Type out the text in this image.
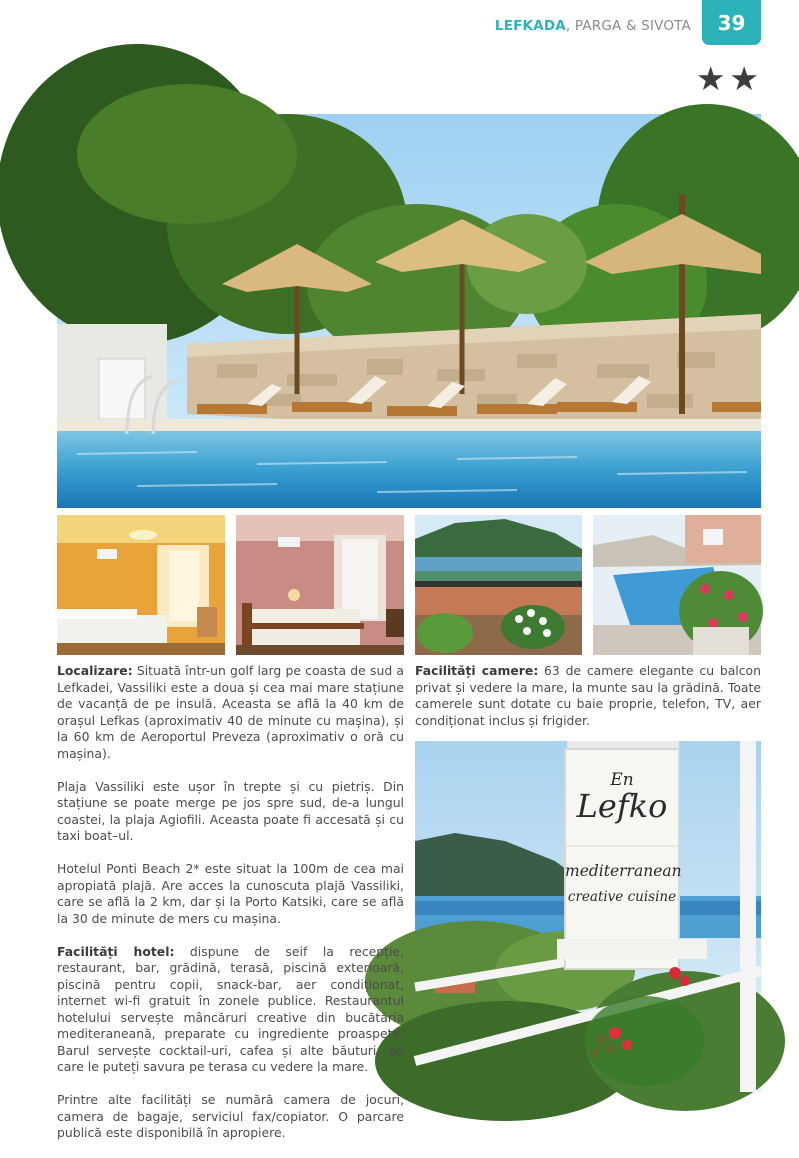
LEFKADA, PARGA & SIVOTA 39
★ ★
En
Lefko
mediterranean
creative cuisine

Localizare: Situată într-un golf larg pe coasta de sud a Lefkadei, Vassiliki este a doua și cea mai mare stațiune de vacanță de pe insulă. Aceasta se află la 40 km de orașul Lefkas (aproximativ 40 de minute cu mașina), și la 60 km de Aeroportul Preveza (aproximativ o oră cu mașina).

Plaja Vassiliki este ușor în trepte și cu pietriș. Din stațiune se poate merge pe jos spre sud, de-a lungul coastei, la plaja Agiofili. Aceasta poate fi accesată și cu taxi boat–ul.

Hotelul Ponti Beach 2* este situat la 100m de cea mai apropiată plajă. Are acces la cunoscuta plajă Vassiliki, care se află la 2 km, dar și la Porto Katsiki, care se află la 30 de minute de mers cu mașina.

Facilități hotel: dispune de seif la recepție, restaurant, bar, grădină, terasă, piscină exterioară, piscină pentru copii, snack-bar, aer condiționat, internet wi-fi gratuit în zonele publice. Restaurantul hotelului servește mâncăruri creative din bucătăria mediteraneană, preparate cu ingrediente proaspete. Barul servește cocktail-uri, cafea și alte băuturi, pe care le puteți savura pe terasa cu vedere la mare.

Printre alte facilități se numără camera de jocuri, camera de bagaje, serviciul fax/copiator. O parcare publică este disponibilă în apropiere.

Facilități camere: 63 de camere elegante cu balcon privat și vedere la mare, la munte sau la grădină. Toate camerele sunt dotate cu baie proprie, telefon, TV, aer condiționat inclus și frigider.
